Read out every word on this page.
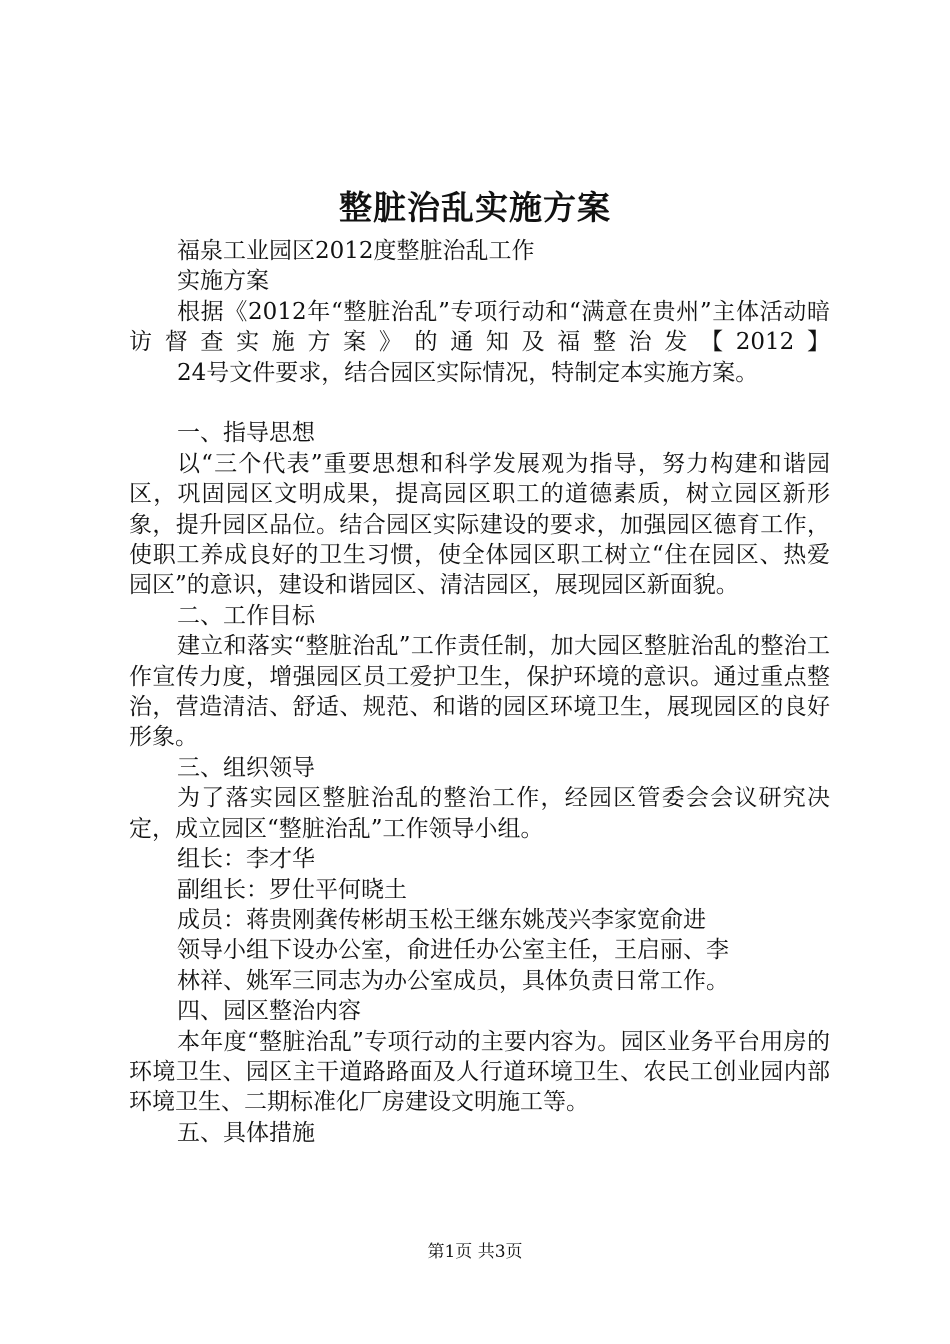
整脏治乱实施方案

福泉工业园区2012度整脏治乱工作

实施方案

根据《2012年“整脏治乱”专项行动和“满意在贵州”主体活动暗访督查实施方案》的通知及福整治发【2012】

24号文件要求，结合园区实际情况，特制定本实施方案。

一、指导思想

以“三个代表”重要思想和科学发展观为指导，努力构建和谐园区，巩固园区文明成果，提高园区职工的道德素质，树立园区新形象，提升园区品位。结合园区实际建设的要求，加强园区德育工作，使职工养成良好的卫生习惯，使全体园区职工树立“住在园区、热爱园区”的意识，建设和谐园区、清洁园区，展现园区新面貌。

二、工作目标

建立和落实“整脏治乱”工作责任制，加大园区整脏治乱的整治工作宣传力度，增强园区员工爱护卫生，保护环境的意识。通过重点整治，营造清洁、舒适、规范、和谐的园区环境卫生，展现园区的良好形象。

三、组织领导

为了落实园区整脏治乱的整治工作，经园区管委会会议研究决定，成立园区“整脏治乱”工作领导小组。

组长：李才华

副组长：罗仕平何晓土

成员：蒋贵刚龚传彬胡玉松王继东姚茂兴李家宽俞进

领导小组下设办公室，俞进任办公室主任，王启丽、李

林祥、姚军三同志为办公室成员，具体负责日常工作。

四、园区整治内容

本年度“整脏治乱”专项行动的主要内容为。园区业务平台用房的环境卫生、园区主干道路路面及人行道环境卫生、农民工创业园内部环境卫生、二期标准化厂房建设文明施工等。

五、具体措施

第1页 共3页
